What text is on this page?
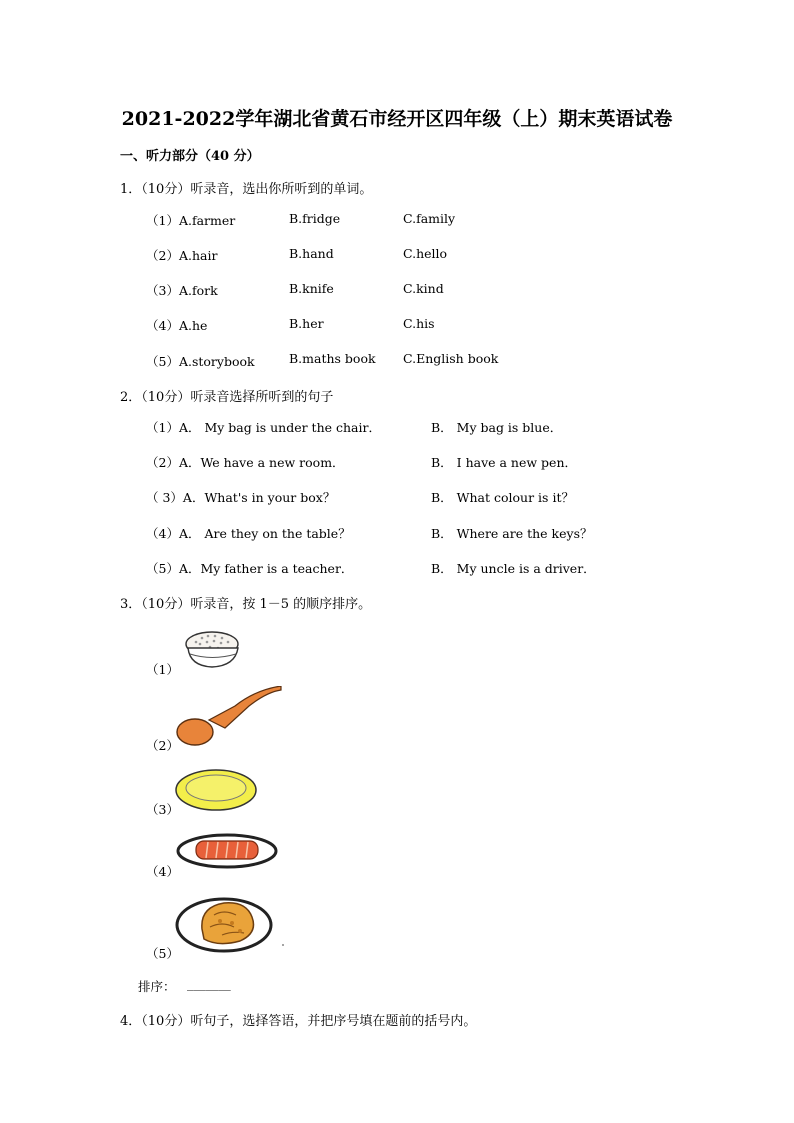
2021-2022学年湖北省黄石市经开区四年级（上）期末英语试卷
一、听力部分（40 分）
1．（10分）听录音，选出你所听到的单词。
（1）A.farmer	B.fridge	C.family
（2）A.hair	B.hand	C.hello
（3）A.fork	B.knife	C.kind
（4）A.he	B.her	C.his
（5）A.storybook	B.maths book C.English book
2．（10分）听录音选择所听到的句子
（1）A． My bag is under the chair．	B． My bag is blue．
（2）A．We have a new room．	B． I have a new pen．
（ 3）A．What's in your box？	B． What colour is it？
（4）A． Are they on the table？	B． Where are the keys？
（5）A．My father is a teacher．	B． My uncle is a driver．
3．（10分）听录音，按 1－5 的顺序排序。
（1）
（2）
（3）
（4）
（5）
排序： _______
4．（10分）听句子，选择答语，并把序号填在题前的括号内。
